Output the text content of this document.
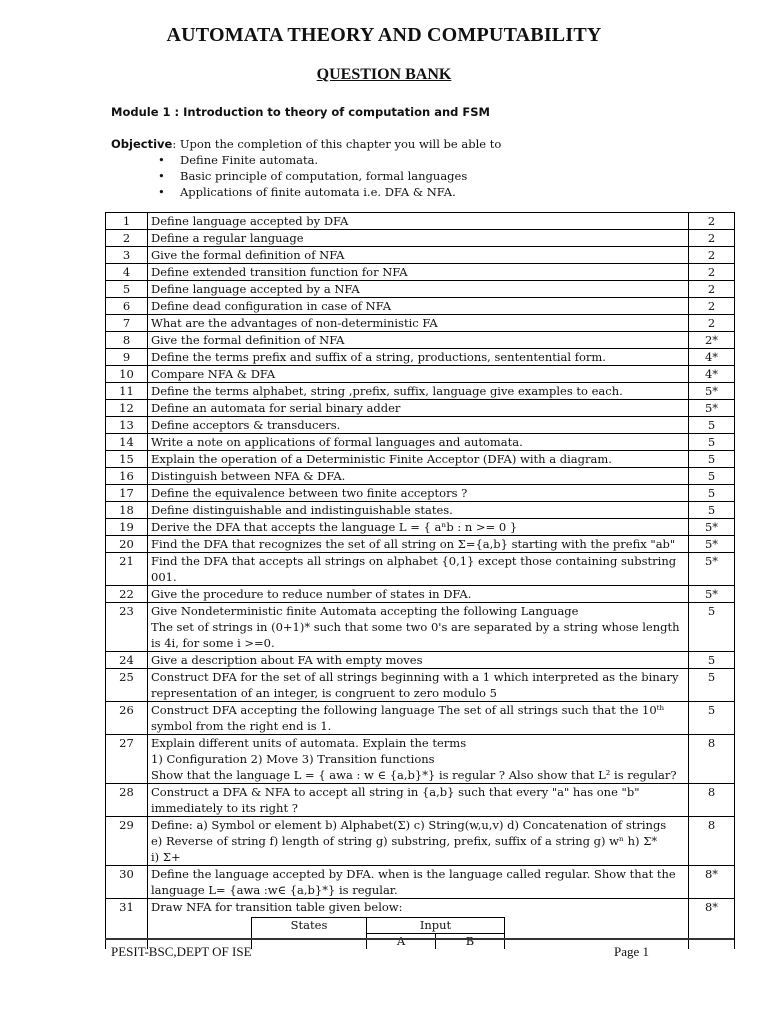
AUTOMATA THEORY AND COMPUTABILITY
QUESTION BANK
Module 1 : Introduction to theory of computation and FSM
Objective: Upon the completion of this chapter you will be able to
• Define Finite automata.
• Basic principle of computation, formal languages
• Applications of finite automata i.e. DFA & NFA.
1	Define language accepted by DFA	2
2	Define a regular language	2
3	Give the formal definition of NFA	2
4	Define extended transition function for NFA	2
5	Define language accepted by a NFA	2
6	Define dead configuration in case of NFA	2
7	What are the advantages of non-deterministic FA	2
8	Give the formal definition of NFA	2*
9	Define the terms prefix and suffix of a string, productions, sententential form.	4*
10	Compare NFA & DFA	4*
11	Define the terms alphabet, string ,prefix, suffix, language give examples to each.	5*
12	Define an automata for serial binary adder	5*
13	Define acceptors & transducers.	5
14	Write a note on applications of formal languages and automata.	5
15	Explain the operation of a Deterministic Finite Acceptor (DFA) with a diagram.	5
16	Distinguish between NFA & DFA.	5
17	Define the equivalence between two finite acceptors ?	5
18	Define distinguishable and indistinguishable states.	5
19	Derive the DFA that accepts the language L = { aⁿb : n >= 0 }	5*
20	Find the DFA that recognizes the set of all string on Σ={a,b} starting with the prefix "ab"	5*
21	Find the DFA that accepts all strings on alphabet {0,1} except those containing substring 001.
	5*
22	Give the procedure to reduce number of states in DFA.	5*
23	Give Nondeterministic finite Automata accepting the following Language
The set of strings in (0+1)* such that some two 0's are separated by a string whose length is 4i, for some i >=0.
	5
24	Give a description about FA with empty moves	5
25	Construct DFA for the set of all strings beginning with a 1 which interpreted as the binary representation of an integer, is congruent to zero modulo 5
	5
26	Construct DFA accepting the following language The set of all strings such that the 10ᵗʰ symbol from the right end is 1.
	5
27	Explain different units of automata. Explain the terms
1) Configuration 2) Move 3) Transition functions
Show that the language L = { awa : w ∈ {a,b}*} is regular ? Also show that L² is regular?
	8
28	Construct a DFA & NFA to accept all string in {a,b} such that every "a" has one "b" immediately to its right ?
	8
29	Define: a) Symbol or element b) Alphabet(Σ) c) String(w,u,v) d) Concatenation of strings
e) Reverse of string f) length of string g) substring, prefix, suffix of a string g) wⁿ h) Σ*
i) Σ+
	8
30	Define the language accepted by DFA. when is the language called regular. Show that the language L= {awa :w∈ {a,b}*} is regular.
	8*
31	Draw NFA for transition table given below:
States	Input
A	B
	8*
PESIT-BSC,DEPT OF ISE	Page 1
